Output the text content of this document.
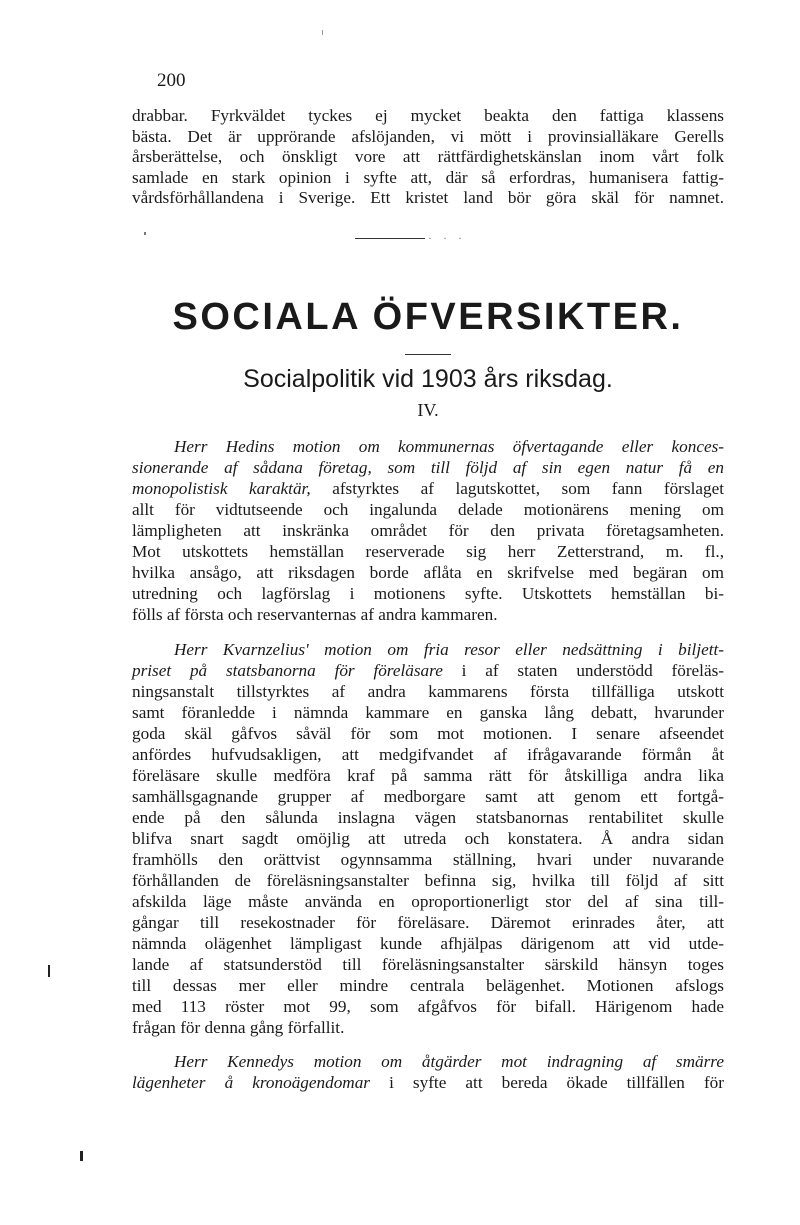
200
drabbar. Fyrkväldet tyckes ej mycket beakta den fattiga klassens
bästa. Det är upprörande afslöjanden, vi mött i provinsialläkare Gerells
årsberättelse, och önskligt vore att rättfärdighetskänslan inom vårt folk
samlade en stark opinion i syfte att, där så erfordras, humanisera fattig-
vårdsförhållandena i Sverige. Ett kristet land bör göra skäl för namnet.
· · ·
SOCIALA ÖFVERSIKTER.
Socialpolitik vid 1903 års riksdag.
IV.
Herr Hedins motion om kommunernas öfvertagande eller konces-
sionerande af sådana företag, som till följd af sin egen natur få en
monopolistisk karaktär, afstyrktes af lagutskottet, som fann förslaget
allt för vidtutseende och ingalunda delade motionärens mening om
lämpligheten att inskränka området för den privata företagsamheten.
Mot utskottets hemställan reserverade sig herr Zetterstrand, m. fl.,
hvilka ansågo, att riksdagen borde aflåta en skrifvelse med begäran om
utredning och lagförslag i motionens syfte. Utskottets hemställan bi-
fölls af första och reservanternas af andra kammaren.
Herr Kvarnzelius' motion om fria resor eller nedsättning i biljett-
priset på statsbanorna för föreläsare i af staten understödd föreläs-
ningsanstalt tillstyrktes af andra kammarens första tillfälliga utskott
samt föranledde i nämnda kammare en ganska lång debatt, hvarunder
goda skäl gåfvos såväl för som mot motionen. I senare afseendet
anfördes hufvudsakligen, att medgifvandet af ifrågavarande förmån åt
föreläsare skulle medföra kraf på samma rätt för åtskilliga andra lika
samhällsgagnande grupper af medborgare samt att genom ett fortgå-
ende på den sålunda inslagna vägen statsbanornas rentabilitet skulle
blifva snart sagdt omöjlig att utreda och konstatera. Å andra sidan
framhölls den orättvist ogynnsamma ställning, hvari under nuvarande
förhållanden de föreläsningsanstalter befinna sig, hvilka till följd af sitt
afskilda läge måste använda en oproportionerligt stor del af sina till-
gångar till resekostnader för föreläsare. Däremot erinrades åter, att
nämnda olägenhet lämpligast kunde afhjälpas därigenom att vid utde-
lande af statsunderstöd till föreläsningsanstalter särskild hänsyn toges
till dessas mer eller mindre centrala belägenhet. Motionen afslogs
med 113 röster mot 99, som afgåfvos för bifall. Härigenom hade
frågan för denna gång förfallit.
Herr Kennedys motion om åtgärder mot indragning af smärre
lägenheter å kronoägendomar i syfte att bereda ökade tillfällen för
